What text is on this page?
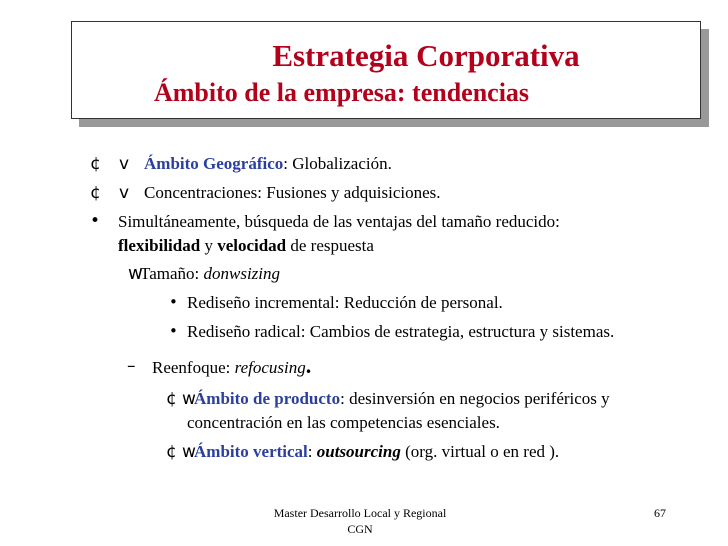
Estrategia Corporativa
Ámbito de la empresa: tendencias
¢ v Ámbito Geográfico: Globalización.
¢ v Concentraciones: Fusiones y adquisiciones.
• Simultáneamente, búsqueda de las ventajas del tamaño reducido:
flexibilidad y velocidad de respuesta
w
Tamaño: donwsizing
• Rediseño incremental: Reducción de personal.
• Rediseño radical: Cambios de estrategia, estructura y sistemas.
– Reenfoque: refocusing.
¢ w
Ámbito de producto: desinversión en negocios periféricos y
concentración en las competencias esenciales.
¢ w
Ámbito vertical: outsourcing (org. virtual o en red ).
Master Desarrollo Local y Regional
CGN
67
